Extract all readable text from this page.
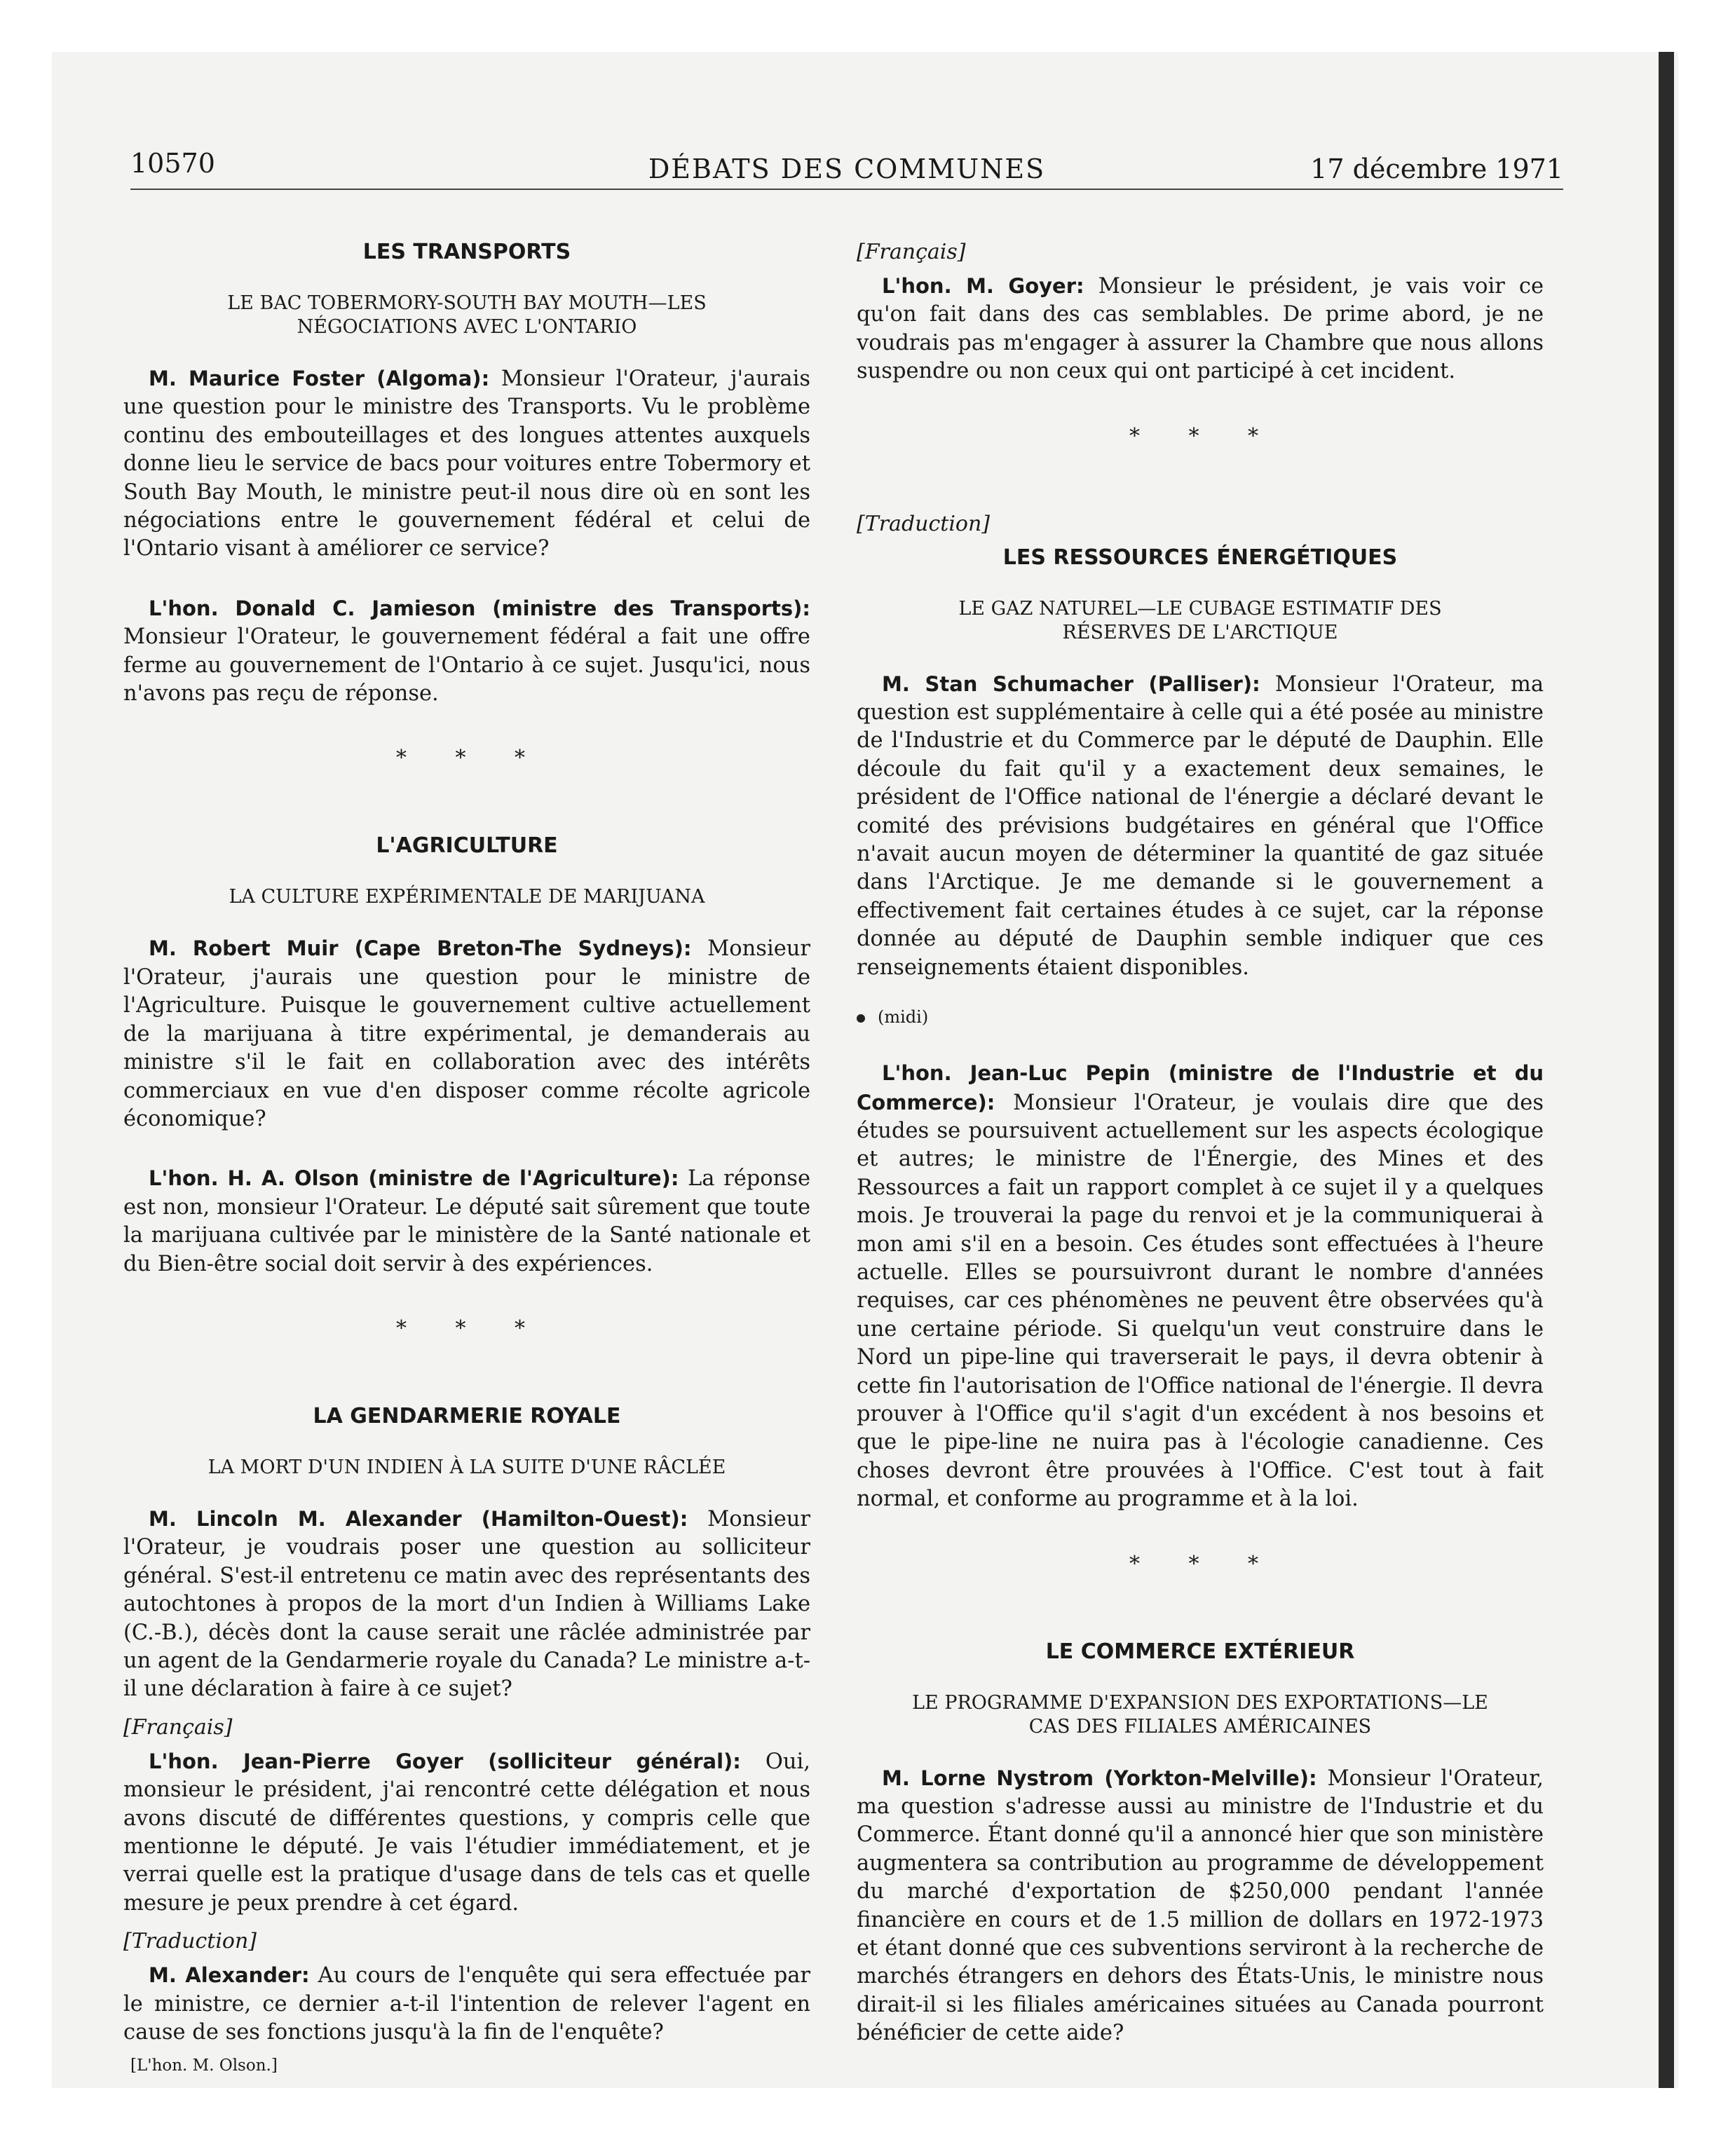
10570	DÉBATS DES COMMUNES	17 décembre 1971
LES TRANSPORTS
LE BAC TOBERMORY-SOUTH BAY MOUTH—LES
NÉGOCIATIONS AVEC L'ONTARIO

M. Maurice Foster (Algoma): Monsieur l'Orateur, j'aurais une question pour le ministre des Transports. Vu le problème continu des embouteillages et des longues attentes auxquels donne lieu le service de bacs pour voitures entre Tobermory et South Bay Mouth, le ministre peut-il nous dire où en sont les négociations entre le gouvernement fédéral et celui de l'Ontario visant à améliorer ce service?

L'hon. Donald C. Jamieson (ministre des Transports): Monsieur l'Orateur, le gouvernement fédéral a fait une offre ferme au gouvernement de l'Ontario à ce sujet. Jusqu'ici, nous n'avons pas reçu de réponse.

* * *
L'AGRICULTURE
LA CULTURE EXPÉRIMENTALE DE MARIJUANA

M. Robert Muir (Cape Breton-The Sydneys): Monsieur l'Orateur, j'aurais une question pour le ministre de l'Agriculture. Puisque le gouvernement cultive actuellement de la marijuana à titre expérimental, je demanderais au ministre s'il le fait en collaboration avec des intérêts commerciaux en vue d'en disposer comme récolte agricole économique?

L'hon. H. A. Olson (ministre de l'Agriculture): La réponse est non, monsieur l'Orateur. Le député sait sûrement que toute la marijuana cultivée par le ministère de la Santé nationale et du Bien-être social doit servir à des expériences.

* * *
LA GENDARMERIE ROYALE
LA MORT D'UN INDIEN À LA SUITE D'UNE RÂCLÉE

M. Lincoln M. Alexander (Hamilton-Ouest): Monsieur l'Orateur, je voudrais poser une question au solliciteur général. S'est-il entretenu ce matin avec des représentants des autochtones à propos de la mort d'un Indien à Williams Lake (C.-B.), décès dont la cause serait une râclée administrée par un agent de la Gendarmerie royale du Canada? Le ministre a-t-il une déclaration à faire à ce sujet?

[Français]

L'hon. Jean-Pierre Goyer (solliciteur général): Oui, monsieur le président, j'ai rencontré cette délégation et nous avons discuté de différentes questions, y compris celle que mentionne le député. Je vais l'étudier immédiatement, et je verrai quelle est la pratique d'usage dans de tels cas et quelle mesure je peux prendre à cet égard.

[Traduction]

M. Alexander: Au cours de l'enquête qui sera effectuée par le ministre, ce dernier a-t-il l'intention de relever l'agent en cause de ses fonctions jusqu'à la fin de l'enquête?

[L'hon. M. Olson.]
[Français]

L'hon. M. Goyer: Monsieur le président, je vais voir ce qu'on fait dans des cas semblables. De prime abord, je ne voudrais pas m'engager à assurer la Chambre que nous allons suspendre ou non ceux qui ont participé à cet incident.

* * *
[Traduction]
LES RESSOURCES ÉNERGÉTIQUES
LE GAZ NATUREL—LE CUBAGE ESTIMATIF DES
RÉSERVES DE L'ARCTIQUE

M. Stan Schumacher (Palliser): Monsieur l'Orateur, ma question est supplémentaire à celle qui a été posée au ministre de l'Industrie et du Commerce par le député de Dauphin. Elle découle du fait qu'il y a exactement deux semaines, le président de l'Office national de l'énergie a déclaré devant le comité des prévisions budgétaires en général que l'Office n'avait aucun moyen de déterminer la quantité de gaz située dans l'Arctique. Je me demande si le gouvernement a effectivement fait certaines études à ce sujet, car la réponse donnée au député de Dauphin semble indiquer que ces renseignements étaient disponibles.

(midi)

L'hon. Jean-Luc Pepin (ministre de l'Industrie et du Commerce): Monsieur l'Orateur, je voulais dire que des études se poursuivent actuellement sur les aspects écologique et autres; le ministre de l'Énergie, des Mines et des Ressources a fait un rapport complet à ce sujet il y a quelques mois. Je trouverai la page du renvoi et je la communiquerai à mon ami s'il en a besoin. Ces études sont effectuées à l'heure actuelle. Elles se poursuivront durant le nombre d'années requises, car ces phénomènes ne peuvent être observées qu'à une certaine période. Si quelqu'un veut construire dans le Nord un pipe-line qui traverserait le pays, il devra obtenir à cette fin l'autorisation de l'Office national de l'énergie. Il devra prouver à l'Office qu'il s'agit d'un excédent à nos besoins et que le pipe-line ne nuira pas à l'écologie canadienne. Ces choses devront être prouvées à l'Office. C'est tout à fait normal, et conforme au programme et à la loi.

* * *
LE COMMERCE EXTÉRIEUR
LE PROGRAMME D'EXPANSION DES EXPORTATIONS—LE
CAS DES FILIALES AMÉRICAINES

M. Lorne Nystrom (Yorkton-Melville): Monsieur l'Orateur, ma question s'adresse aussi au ministre de l'Industrie et du Commerce. Étant donné qu'il a annoncé hier que son ministère augmentera sa contribution au programme de développement du marché d'exportation de $250,000 pendant l'année financière en cours et de 1.5 million de dollars en 1972-1973 et étant donné que ces subventions serviront à la recherche de marchés étrangers en dehors des États-Unis, le ministre nous dirait-il si les filiales américaines situées au Canada pourront bénéficier de cette aide?
